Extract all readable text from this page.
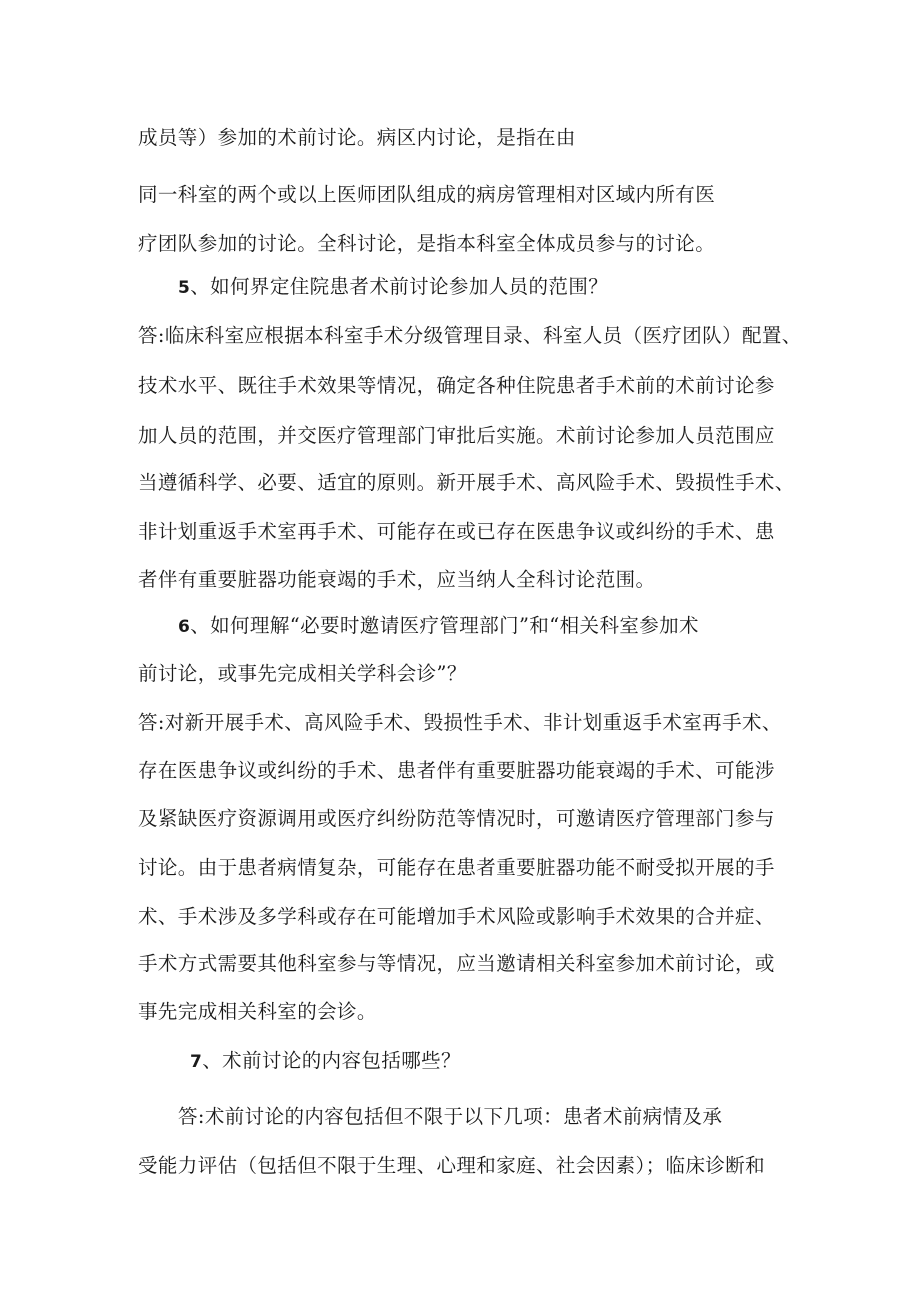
成员等）参加的术前讨论。病区内讨论，是指在由
同一科室的两个或以上医师团队组成的病房管理相对区域内所有医
疗团队参加的讨论。全科讨论，是指本科室全体成员参与的讨论。
5、如何界定住院患者术前讨论参加人员的范围？
答:临床科室应根据本科室手术分级管理目录、科室人员（医疗团队）配置、
技术水平、既往手术效果等情况，确定各种住院患者手术前的术前讨论参
加人员的范围，并交医疗管理部门审批后实施。术前讨论参加人员范围应
当遵循科学、必要、适宜的原则。新开展手术、高风险手术、毁损性手术、
非计划重返手术室再手术、可能存在或已存在医患争议或纠纷的手术、患
者伴有重要脏器功能衰竭的手术，应当纳人全科讨论范围。
6、如何理解“必要时邀请医疗管理部门”和“相关科室参加术
前讨论，或事先完成相关学科会诊”？
答:对新开展手术、高风险手术、毁损性手术、非计划重返手术室再手术、
存在医患争议或纠纷的手术、患者伴有重要脏器功能衰竭的手术、可能涉
及紧缺医疗资源调用或医疗纠纷防范等情况时，可邀请医疗管理部门参与
讨论。由于患者病情复杂，可能存在患者重要脏器功能不耐受拟开展的手
术、手术涉及多学科或存在可能增加手术风险或影响手术效果的合并症、
手术方式需要其他科室参与等情况，应当邀请相关科室参加术前讨论，或
事先完成相关科室的会诊。
7、术前讨论的内容包括哪些？
答:术前讨论的内容包括但不限于以下几项：患者术前病情及承
受能力评估（包括但不限于生理、心理和家庭、社会因素）；临床诊断和
